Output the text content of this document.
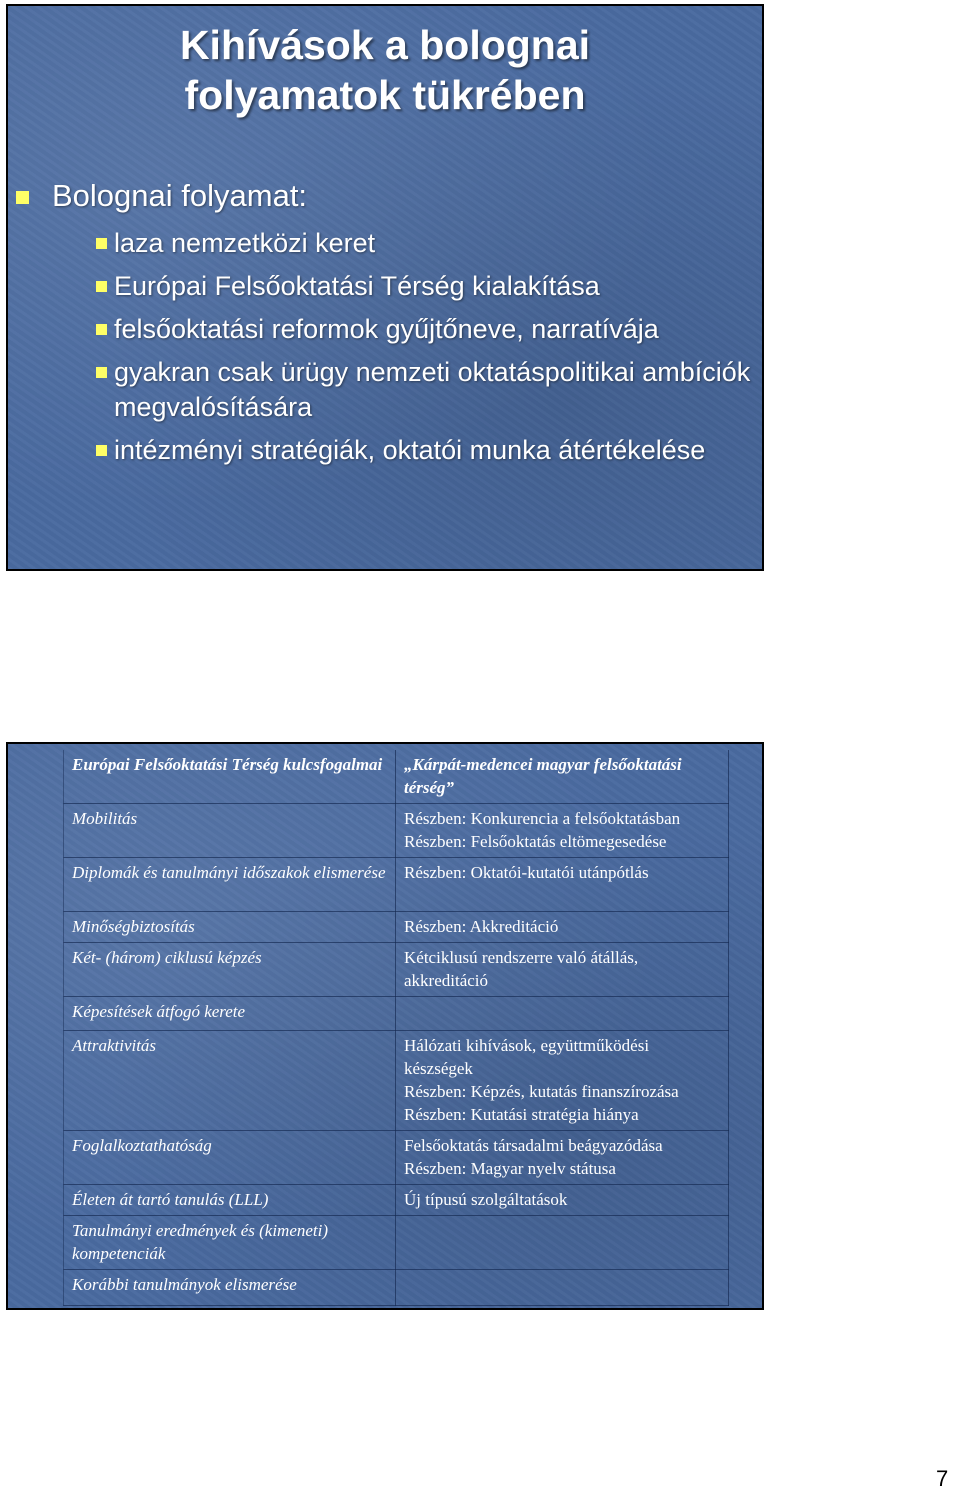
Kihívások a bolognai
folyamatok tükrében
Bolognai folyamat:
laza nemzetközi keret
Európai Felsőoktatási Térség kialakítása
felsőoktatási reformok gyűjtőneve, narratívája
gyakran csak ürügy nemzeti oktatáspolitikai ambíciók megvalósítására
intézményi stratégiák, oktatói munka átértékelése
Európai Felsőoktatási Térség kulcsfogalmai	„Kárpát-medencei magyar felsőoktatási térség”
Mobilitás	Részben: Konkurencia a felsőoktatásban
Részben: Felsőoktatás eltömegesedése
Diplomák és tanulmányi időszakok elismerése	Részben: Oktatói-kutatói utánpótlás
Minőségbiztosítás	Részben: Akkreditáció
Két- (három) ciklusú képzés	Kétciklusú rendszerre való átállás, akkreditáció
Képesítések átfogó kerete	
Attraktivitás	Hálózati kihívások, együttműködési készségek
Részben: Képzés, kutatás finanszírozása
Részben: Kutatási stratégia hiánya
Foglalkoztathatóság	Felsőoktatás társadalmi beágyazódása
Részben: Magyar nyelv státusa
Életen át tartó tanulás (LLL)	Új típusú szolgáltatások
Tanulmányi eredmények és (kimeneti) kompetenciák	
Korábbi tanulmányok elismerése	
7
